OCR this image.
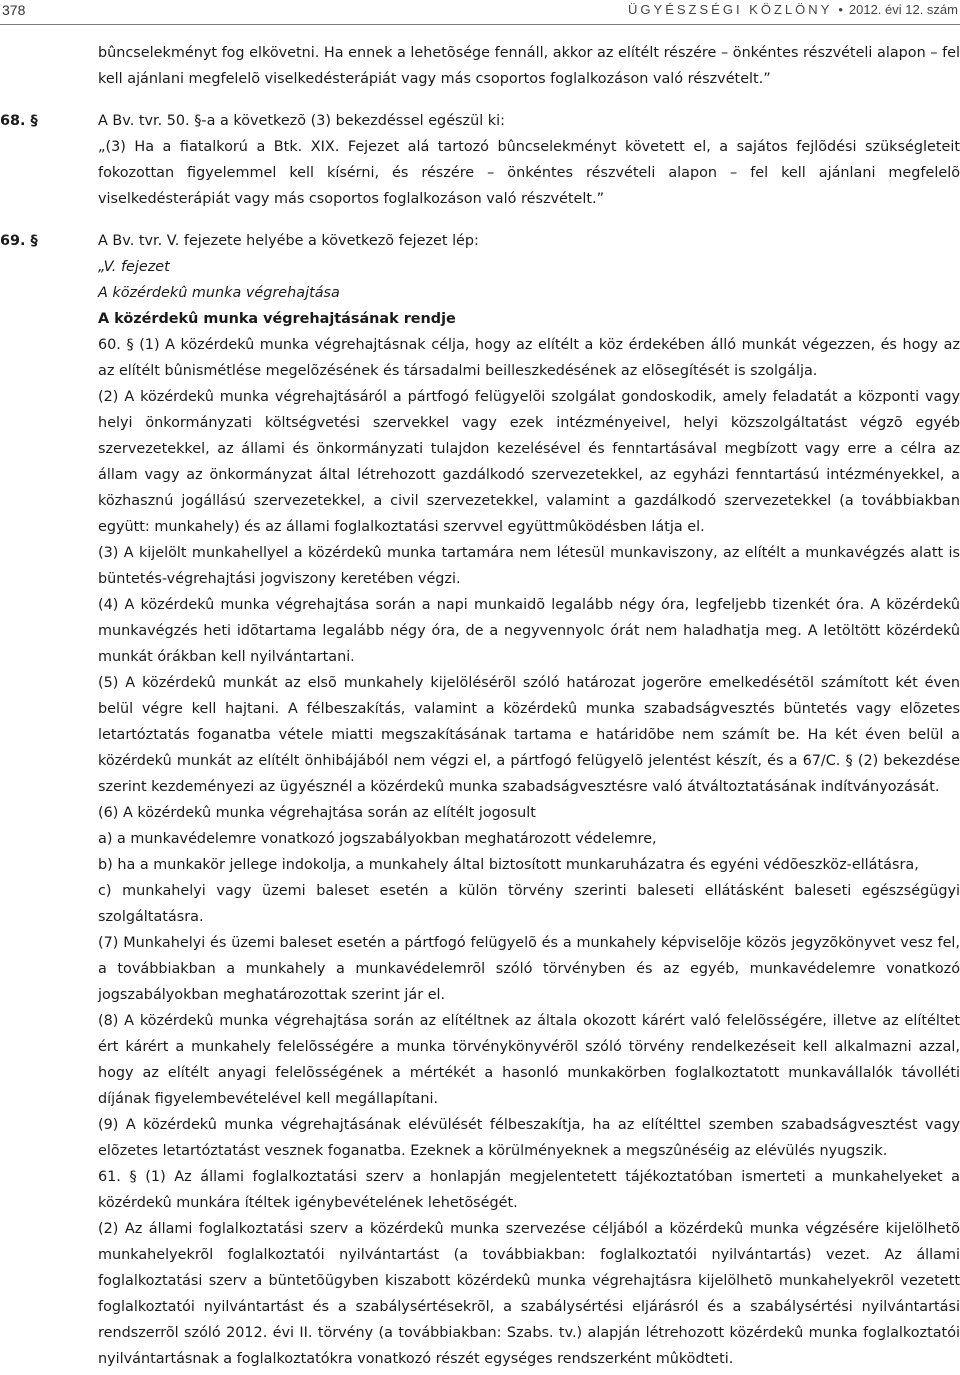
378	ÜGYÉSZSÉGI KÖZLÖNY • 2012. évi 12. szám

bûncselekményt fog elkövetni. Ha ennek a lehetõsége fennáll, akkor az elítélt részére – önkéntes részvételi alapon – fel kell ajánlani megfelelõ viselkedésterápiát vagy más csoportos foglalkozáson való részvételt.”

68. §	A Bv. tvr. 50. §-a a következõ (3) bekezdéssel egészül ki:

„(3) Ha a fiatalkorú a Btk. XIX. Fejezet alá tartozó bûncselekményt követett el, a sajátos fejlõdési szükségleteit fokozottan figyelemmel kell kísérni, és részére – önkéntes részvételi alapon – fel kell ajánlani megfelelõ viselkedésterápiát vagy más csoportos foglalkozáson való részvételt.”

69. §	A Bv. tvr. V. fejezete helyébe a következõ fejezet lép:

„V. fejezet

A közérdekû munka végrehajtása

A közérdekû munka végrehajtásának rendje

60. § (1) A közérdekû munka végrehajtásnak célja, hogy az elítélt a köz érdekében álló munkát végezzen, és hogy az az elítélt bûnismétlése megelõzésének és társadalmi beilleszkedésének az elõsegítését is szolgálja.

(2) A közérdekû munka végrehajtásáról a pártfogó felügyelõi szolgálat gondoskodik, amely feladatát a központi vagy helyi önkormányzati költségvetési szervekkel vagy ezek intézményeivel, helyi közszolgáltatást végzõ egyéb szervezetekkel, az állami és önkormányzati tulajdon kezelésével és fenntartásával megbízott vagy erre a célra az állam vagy az önkormányzat által létrehozott gazdálkodó szervezetekkel, az egyházi fenntartású intézményekkel, a közhasznú jogállású szervezetekkel, a civil szervezetekkel, valamint a gazdálkodó szervezetekkel (a továbbiakban együtt: munkahely) és az állami foglalkoztatási szervvel együttmûködésben látja el.

(3) A kijelölt munkahellyel a közérdekû munka tartamára nem létesül munkaviszony, az elítélt a munkavégzés alatt is büntetés-végrehajtási jogviszony keretében végzi.

(4) A közérdekû munka végrehajtása során a napi munkaidõ legalább négy óra, legfeljebb tizenkét óra. A közérdekû munkavégzés heti idõtartama legalább négy óra, de a negyvennyolc órát nem haladhatja meg. A letöltött közérdekû munkát órákban kell nyilvántartani.

(5) A közérdekû munkát az elsõ munkahely kijelölésérõl szóló határozat jogerõre emelkedésétõl számított két éven belül végre kell hajtani. A félbeszakítás, valamint a közérdekû munka szabadságvesztés büntetés vagy elõzetes letartóztatás foganatba vétele miatti megszakításának tartama e határidõbe nem számít be. Ha két éven belül a közérdekû munkát az elítélt önhibájából nem végzi el, a pártfogó felügyelõ jelentést készít, és a 67/C. § (2) bekezdése szerint kezdeményezi az ügyésznél a közérdekû munka szabadságvesztésre való átváltoztatásának indítványozását.

(6) A közérdekû munka végrehajtása során az elítélt jogosult

a) a munkavédelemre vonatkozó jogszabályokban meghatározott védelemre,

b) ha a munkakör jellege indokolja, a munkahely által biztosított munkaruházatra és egyéni védõeszköz-ellátásra,

c) munkahelyi vagy üzemi baleset esetén a külön törvény szerinti baleseti ellátásként baleseti egészségügyi szolgáltatásra.

(7) Munkahelyi és üzemi baleset esetén a pártfogó felügyelõ és a munkahely képviselõje közös jegyzõkönyvet vesz fel, a továbbiakban a munkahely a munkavédelemrõl szóló törvényben és az egyéb, munkavédelemre vonatkozó jogszabályokban meghatározottak szerint jár el.

(8) A közérdekû munka végrehajtása során az elítéltnek az általa okozott kárért való felelõsségére, illetve az elítéltet ért kárért a munkahely felelõsségére a munka törvénykönyvérõl szóló törvény rendelkezéseit kell alkalmazni azzal, hogy az elítélt anyagi felelõsségének a mértékét a hasonló munkakörben foglalkoztatott munkavállalók távolléti díjának figyelembevételével kell megállapítani.

(9) A közérdekû munka végrehajtásának elévülését félbeszakítja, ha az elítélttel szemben szabadságvesztést vagy elõzetes letartóztatást vesznek foganatba. Ezeknek a körülményeknek a megszûnéséig az elévülés nyugszik.

61. § (1) Az állami foglalkoztatási szerv a honlapján megjelentetett tájékoztatóban ismerteti a munkahelyeket a közérdekû munkára ítéltek igénybevételének lehetõségét.

(2) Az állami foglalkoztatási szerv a közérdekû munka szervezése céljából a közérdekû munka végzésére kijelölhetõ munkahelyekrõl foglalkoztatói nyilvántartást (a továbbiakban: foglalkoztatói nyilvántartás) vezet. Az állami foglalkoztatási szerv a büntetõügyben kiszabott közérdekû munka végrehajtásra kijelölhetõ munkahelyekrõl vezetett foglalkoztatói nyilvántartást és a szabálysértésekrõl, a szabálysértési eljárásról és a szabálysértési nyilvántartási rendszerrõl szóló 2012. évi II. törvény (a továbbiakban: Szabs. tv.) alapján létrehozott közérdekû munka foglalkoztatói nyilvántartásnak a foglalkoztatókra vonatkozó részét egységes rendszerként mûködteti.
